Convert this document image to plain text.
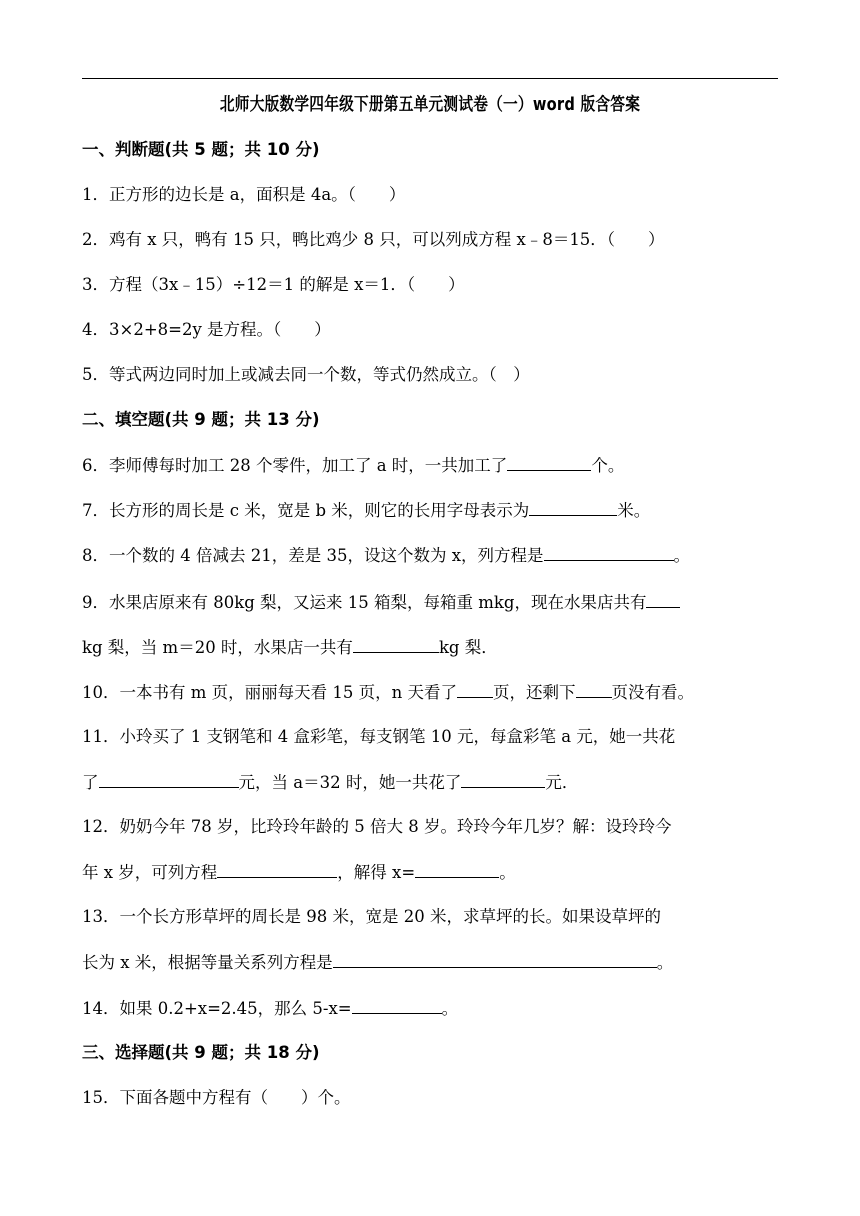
北师大版数学四年级下册第五单元测试卷（一）word 版含答案
一、判断题(共 5 题；共 10 分)
1．正方形的边长是 a，面积是 4a。（　　）
2．鸡有 x 只，鸭有 15 只，鸭比鸡少 8 只，可以列成方程 x﹣8＝15．（　　）
3．方程（3x﹣15）÷12＝1 的解是 x＝1．（　　）
4．3×2+8=2y 是方程。（　　）
5．等式两边同时加上或减去同一个数，等式仍然成立。（　）
二、填空题(共 9 题；共 13 分)
6．李师傅每时加工 28 个零件，加工了 a 时，一共加工了	个。
7．长方形的周长是 c 米，宽是 b 米，则它的长用字母表示为	米。
8．一个数的 4 倍减去 21，差是 35，设这个数为 x，列方程是	。
9．水果店原来有 80kg 梨，又运来 15 箱梨，每箱重 mkg，现在水果店共有
kg 梨，当 m＝20 时，水果店一共有	kg 梨．
10．一本书有 m 页，丽丽每天看 15 页，n 天看了 页，还剩下 页没有看。
11．小玲买了 1 支钢笔和 4 盒彩笔，每支钢笔 10 元，每盒彩笔 a 元，她一共花
了	元，当 a＝32 时，她一共花了	元．
12．奶奶今年 78 岁，比玲玲年龄的 5 倍大 8 岁。玲玲今年几岁？解：设玲玲今
年 x 岁，可列方程	，解得 x=	。
13．一个长方形草坪的周长是 98 米，宽是 20 米，求草坪的长。如果设草坪的
长为 x 米，根据等量关系列方程是	。
14．如果 0.2+x=2.45，那么 5-x=	。
三、选择题(共 9 题；共 18 分)
15．下面各题中方程有（　　）个。
